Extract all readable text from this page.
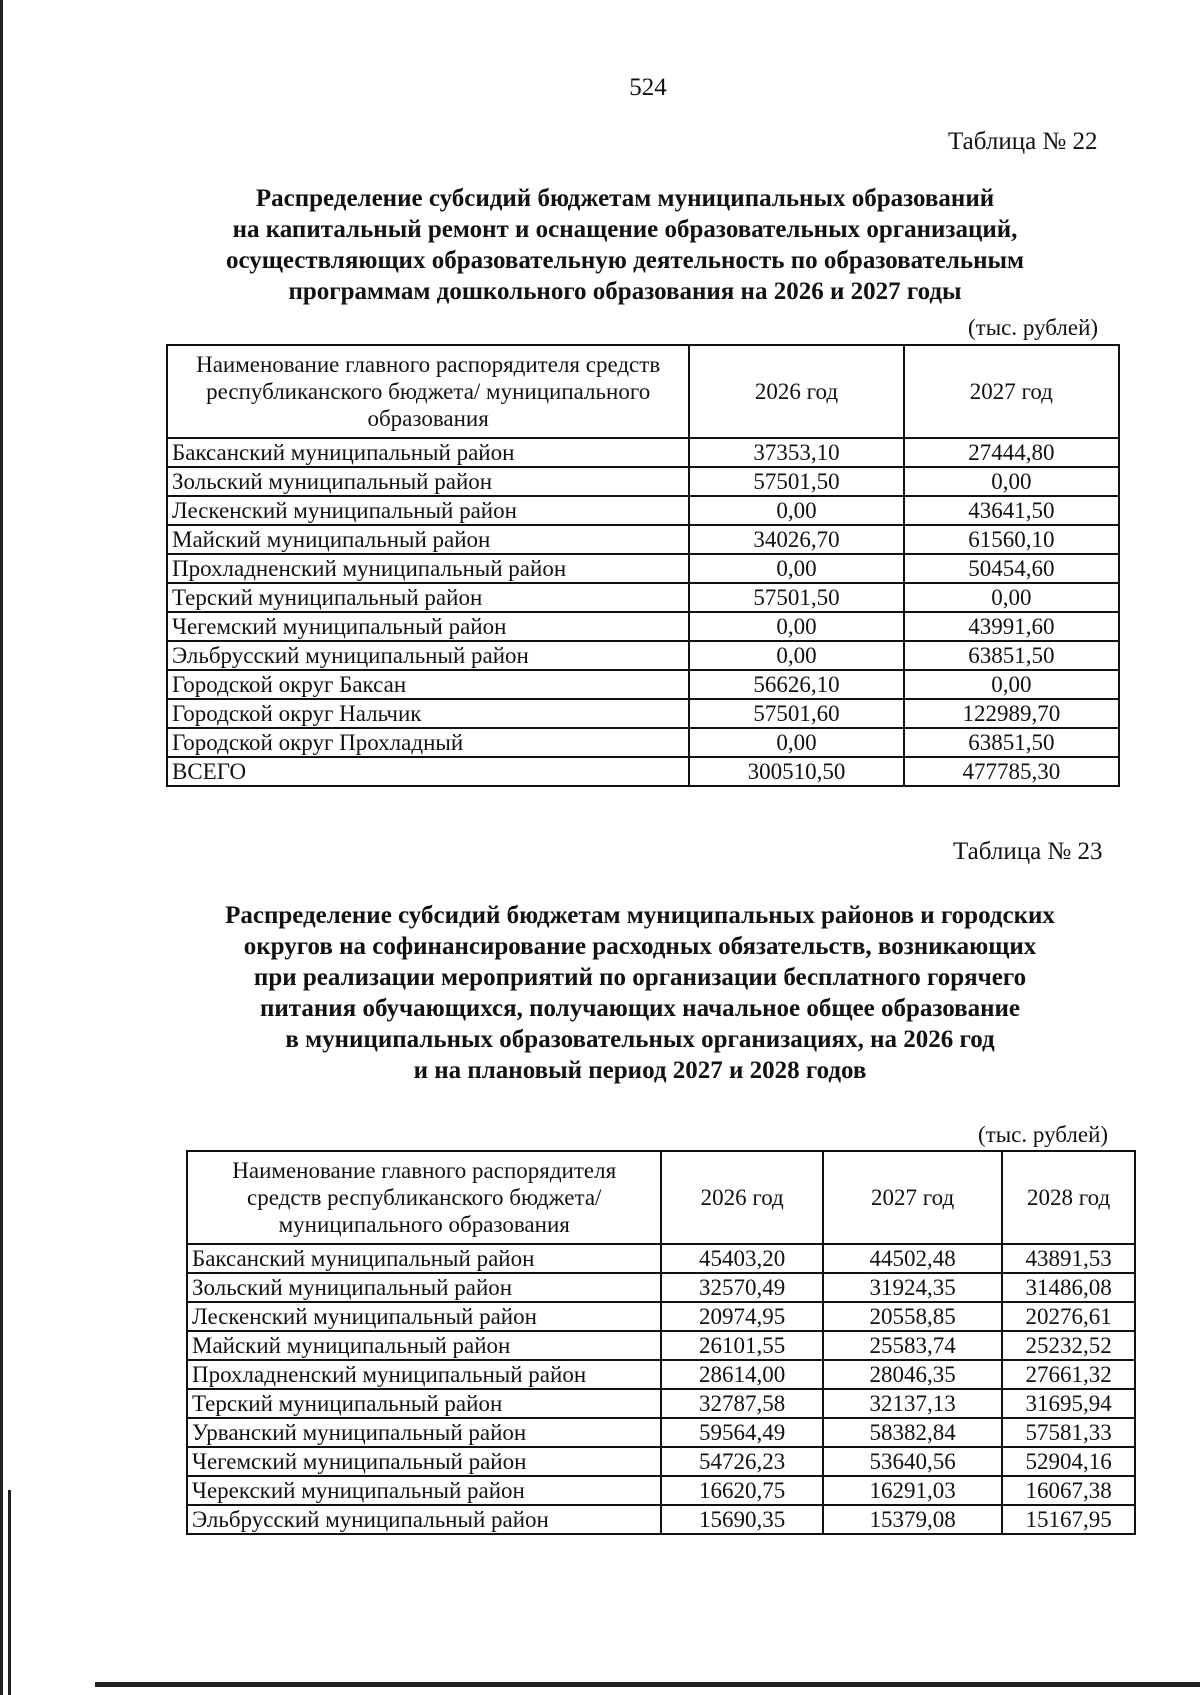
524
Таблица № 22
Распределение субсидий бюджетам муниципальных образований
на капитальный ремонт и оснащение образовательных организаций,
осуществляющих образовательную деятельность по образовательным
программам дошкольного образования на 2026 и 2027 годы
(тыс. рублей)
Наименование главного распорядителя средств республиканского бюджета/ муниципального образования	2026 год	2027 год
Баксанский муниципальный район	37353,10	27444,80
Зольский муниципальный район	57501,50	0,00
Лескенский муниципальный район	0,00	43641,50
Майский муниципальный район	34026,70	61560,10
Прохладненский муниципальный район	0,00	50454,60
Терский муниципальный район	57501,50	0,00
Чегемский муниципальный район	0,00	43991,60
Эльбрусский муниципальный район	0,00	63851,50
Городской округ Баксан	56626,10	0,00
Городской округ Нальчик	57501,60	122989,70
Городской округ Прохладный	0,00	63851,50
ВСЕГО	300510,50	477785,30
Таблица № 23
Распределение субсидий бюджетам муниципальных районов и городских
округов на софинансирование расходных обязательств, возникающих
при реализации мероприятий по организации бесплатного горячего
питания обучающихся, получающих начальное общее образование
в муниципальных образовательных организациях, на 2026 год
и на плановый период 2027 и 2028 годов
(тыс. рублей)
Наименование главного распорядителя средств республиканского бюджета/ муниципального образования	2026 год	2027 год	2028 год
Баксанский муниципальный район	45403,20	44502,48	43891,53
Зольский муниципальный район	32570,49	31924,35	31486,08
Лескенский муниципальный район	20974,95	20558,85	20276,61
Майский муниципальный район	26101,55	25583,74	25232,52
Прохладненский муниципальный район	28614,00	28046,35	27661,32
Терский муниципальный район	32787,58	32137,13	31695,94
Урванский муниципальный район	59564,49	58382,84	57581,33
Чегемский муниципальный район	54726,23	53640,56	52904,16
Черекский муниципальный район	16620,75	16291,03	16067,38
Эльбрусский муниципальный район	15690,35	15379,08	15167,95
